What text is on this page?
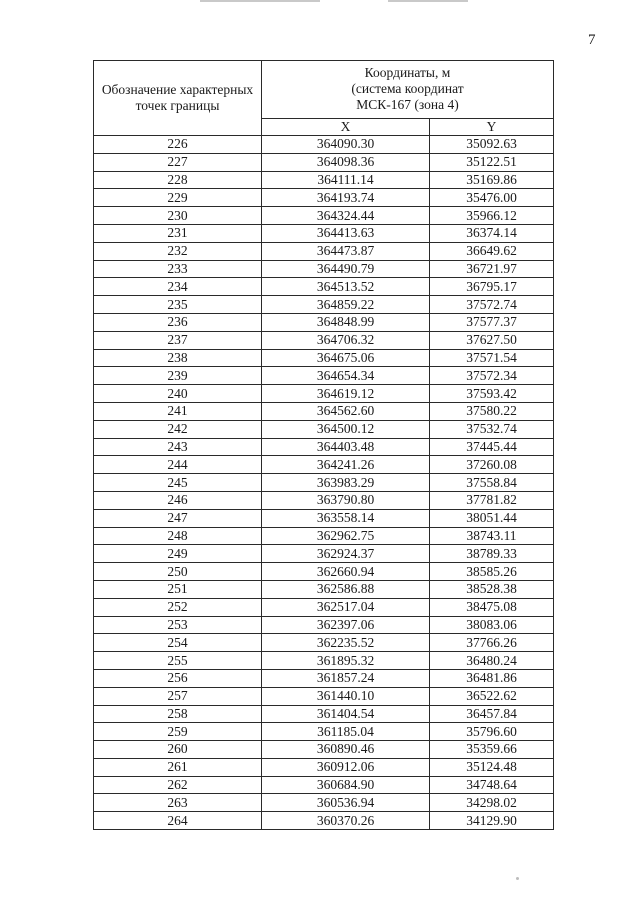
7
Обозначение характерных точек границы	Координаты, м
(система координат
МСК-167 (зона 4)	

	X	Y
226	364090.30	35092.63
227	364098.36	35122.51
228	364111.14	35169.86
229	364193.74	35476.00
230	364324.44	35966.12
231	364413.63	36374.14
232	364473.87	36649.62
233	364490.79	36721.97
234	364513.52	36795.17
235	364859.22	37572.74
236	364848.99	37577.37
237	364706.32	37627.50
238	364675.06	37571.54
239	364654.34	37572.34
240	364619.12	37593.42
241	364562.60	37580.22
242	364500.12	37532.74
243	364403.48	37445.44
244	364241.26	37260.08
245	363983.29	37558.84
246	363790.80	37781.82
247	363558.14	38051.44
248	362962.75	38743.11
249	362924.37	38789.33
250	362660.94	38585.26
251	362586.88	38528.38
252	362517.04	38475.08
253	362397.06	38083.06
254	362235.52	37766.26
255	361895.32	36480.24
256	361857.24	36481.86
257	361440.10	36522.62
258	361404.54	36457.84
259	361185.04	35796.60
260	360890.46	35359.66
261	360912.06	35124.48
262	360684.90	34748.64
263	360536.94	34298.02
264	360370.26	34129.90
